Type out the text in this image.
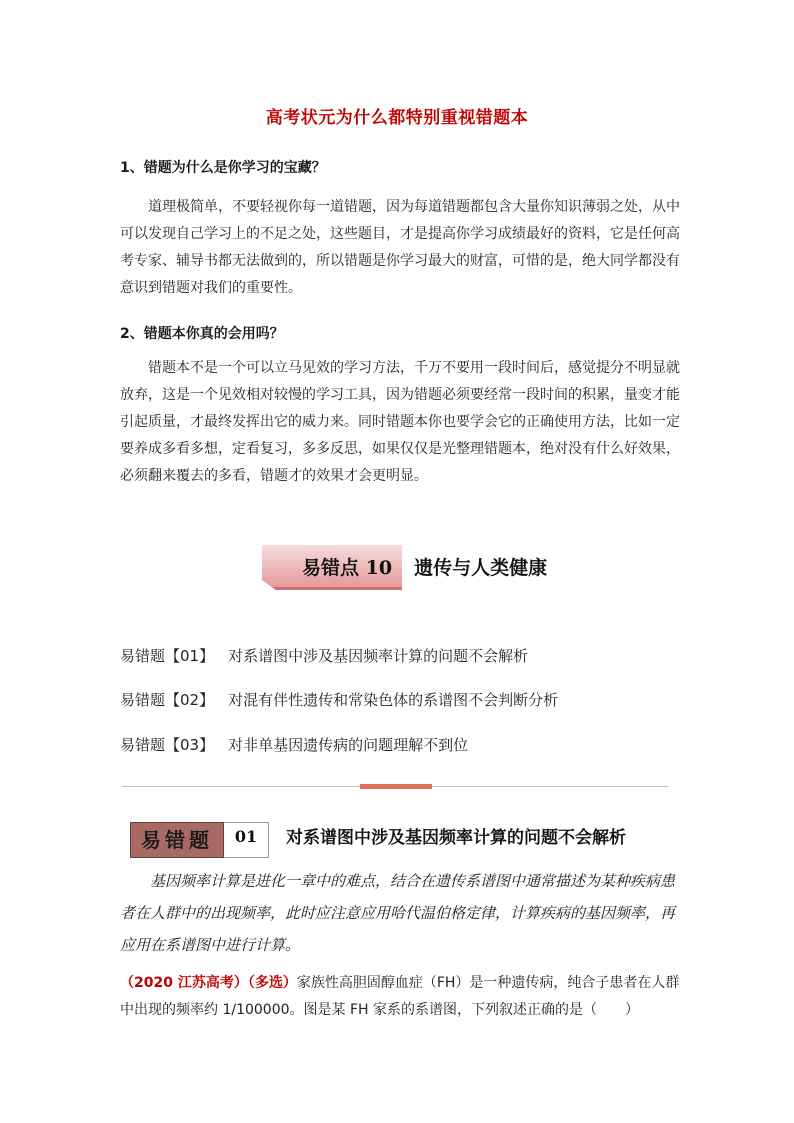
高考状元为什么都特别重视错题本
1、错题为什么是你学习的宝藏？
道理极简单，不要轻视你每一道错题，因为每道错题都包含大量你知识薄弱之处，从中可以发现自己学习上的不足之处，这些题目，才是提高你学习成绩最好的资料，它是任何高考专家、辅导书都无法做到的，所以错题是你学习最大的财富，可惜的是，绝大同学都没有意识到错题对我们的重要性。
2、错题本你真的会用吗？
错题本不是一个可以立马见效的学习方法，千万不要用一段时间后，感觉提分不明显就放弃，这是一个见效相对较慢的学习工具，因为错题必须要经常一段时间的积累，量变才能引起质量，才最终发挥出它的威力来。同时错题本你也要学会它的正确使用方法，比如一定要养成多看多想，定看复习，多多反思，如果仅仅是光整理错题本，绝对没有什么好效果，必须翻来覆去的多看，错题才的效果才会更明显。
易错点 10 遗传与人类健康
易错题【01】 对系谱图中涉及基因频率计算的问题不会解析
易错题【02】 对混有伴性遗传和常染色体的系谱图不会判断分析
易错题【03】 对非单基因遗传病的问题理解不到位
易错题	01	对系谱图中涉及基因频率计算的问题不会解析
基因频率计算是进化一章中的难点，结合在遗传系谱图中通常描述为某种疾病患者在人群中的出现频率，此时应注意应用哈代温伯格定律，计算疾病的基因频率，再应用在系谱图中进行计算。
（2020 江苏高考）（多选）家族性高胆固醇血症（FH）是一种遗传病，纯合子患者在人群中出现的频率约 1/100000。图是某 FH 家系的系谱图，下列叙述正确的是（　　）
